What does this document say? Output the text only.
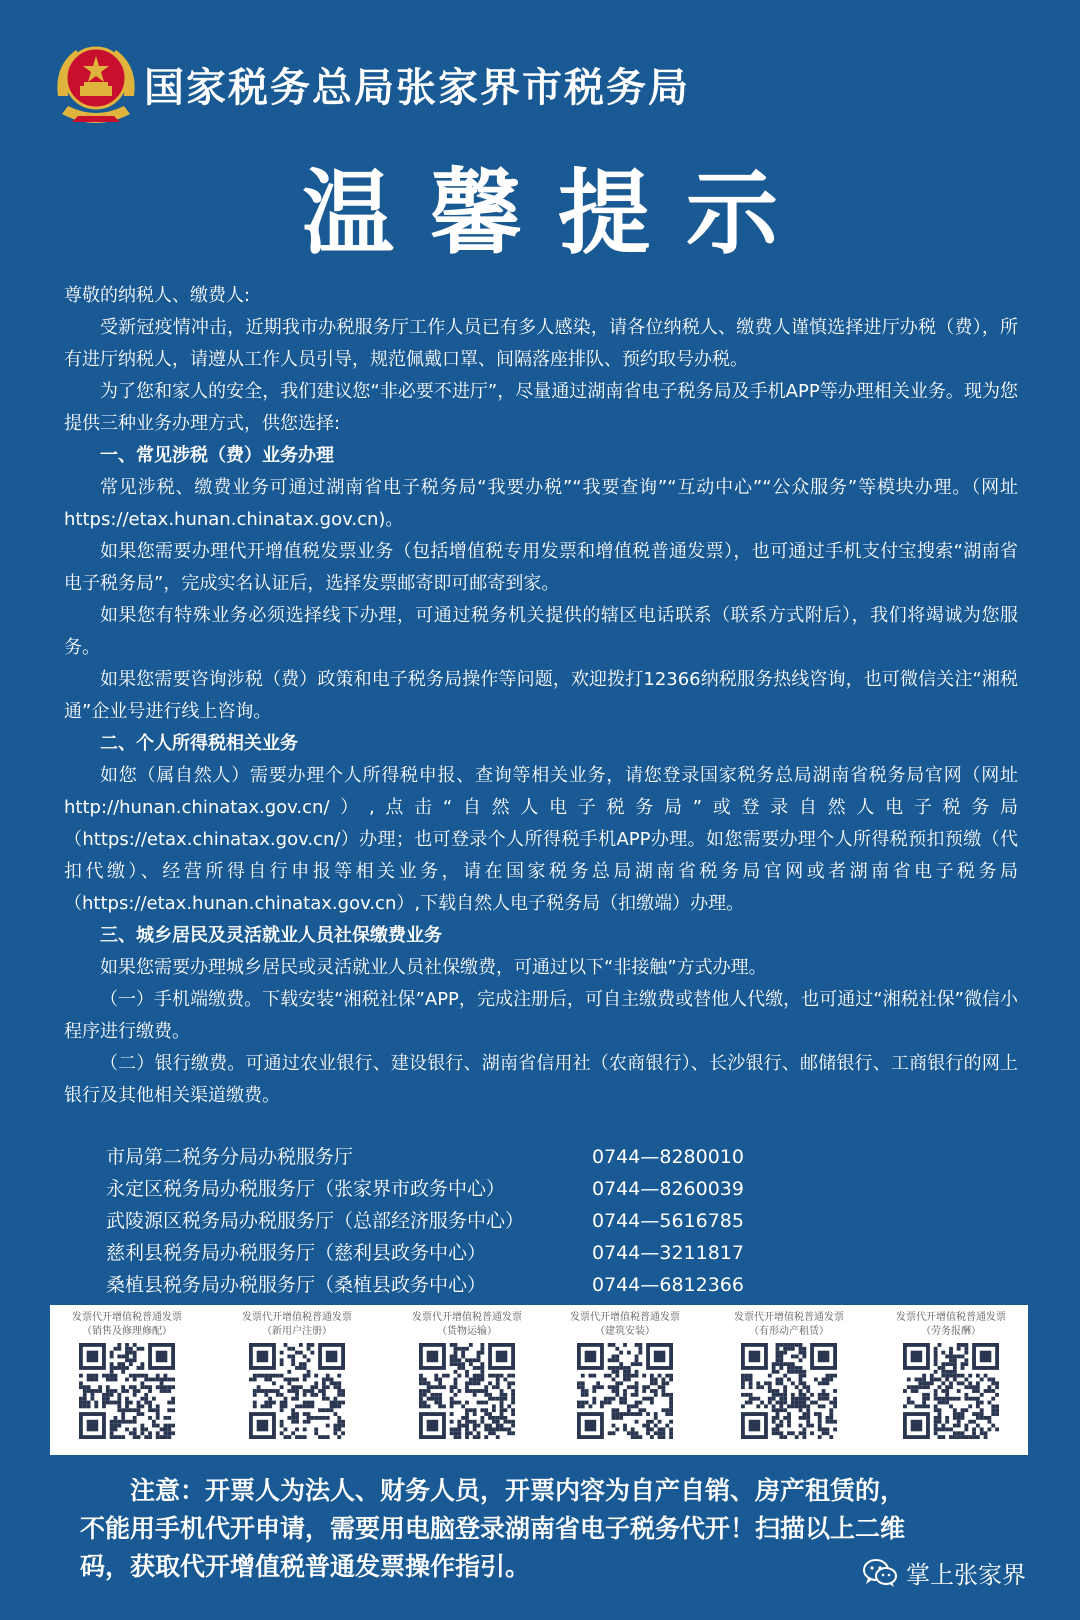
国家税务总局张家界市税务局
温馨提示

尊敬的纳税人、缴费人:

受新冠疫情冲击，近期我市办税服务厅工作人员已有多人感染，请各位纳税人、缴费人谨慎选择进厅办税（费），所有进厅纳税人，请遵从工作人员引导，规范佩戴口罩、间隔落座排队、预约取号办税。

为了您和家人的安全，我们建议您“非必要不进厅”，尽量通过湖南省电子税务局及手机APP等办理相关业务。现为您提供三种业务办理方式，供您选择:

一、常见涉税（费）业务办理

常见涉税、缴费业务可通过湖南省电子税务局“我要办税”“我要查询”“互动中心”“公众服务”等模块办理。（网址https://etax.hunan.chinatax.gov.cn)。

如果您需要办理代开增值税发票业务（包括增值税专用发票和增值税普通发票），也可通过手机支付宝搜索“湖南省电子税务局”，完成实名认证后，选择发票邮寄即可邮寄到家。

如果您有特殊业务必须选择线下办理，可通过税务机关提供的辖区电话联系（联系方式附后），我们将竭诚为您服务。

如果您需要咨询涉税（费）政策和电子税务局操作等问题，欢迎拨打12366纳税服务热线咨询，也可微信关注“湘税通”企业号进行线上咨询。

二、个人所得税相关业务

如您（属自然人）需要办理个人所得税申报、查询等相关业务，请您登录国家税务总局湖南省税务局官网（网址http://hunan.chinatax.gov.cn/）,点击“自然人电子税务局”或登录自然人电子税务局（https://etax.chinatax.gov.cn/）办理；也可登录个人所得税手机APP办理。如您需要办理个人所得税预扣预缴（代扣代缴）、经营所得自行申报等相关业务，请在国家税务总局湖南省税务局官网或者湖南省电子税务局（https://etax.hunan.chinatax.gov.cn）,下载自然人电子税务局（扣缴端）办理。

三、城乡居民及灵活就业人员社保缴费业务

如果您需要办理城乡居民或灵活就业人员社保缴费，可通过以下“非接触”方式办理。

（一）手机端缴费。下载安装“湘税社保”APP，完成注册后，可自主缴费或替他人代缴，也可通过“湘税社保”微信小程序进行缴费。

（二）银行缴费。可通过农业银行、建设银行、湖南省信用社（农商银行）、长沙银行、邮储银行、工商银行的网上银行及其他相关渠道缴费。

市局第二税务分局办税服务厅	0744—8280010
永定区税务局办税服务厅（张家界市政务中心）	0744—8260039
武陵源区税务局办税服务厅（总部经济服务中心）	0744—5616785
慈利县税务局办税服务厅（慈利县政务中心）	0744—3211817
桑植县税务局办税服务厅（桑植县政务中心）	0744—6812366
发票代开增值税普通发票
（销售及修理修配）
发票代开增值税普通发票
（新用户注册）
发票代开增值税普通发票
（货物运输）
发票代开增值税普通发票
（建筑安装）
发票代开增值税普通发票
（有形动产租赁）
发票代开增值税普通发票
（劳务报酬）

注意：开票人为法人、财务人员，开票内容为自产自销、房产租赁的，

不能用手机代开申请，需要用电脑登录湖南省电子税务代开！扫描以上二维

码，获取代开增值税普通发票操作指引。	掌上张家界
